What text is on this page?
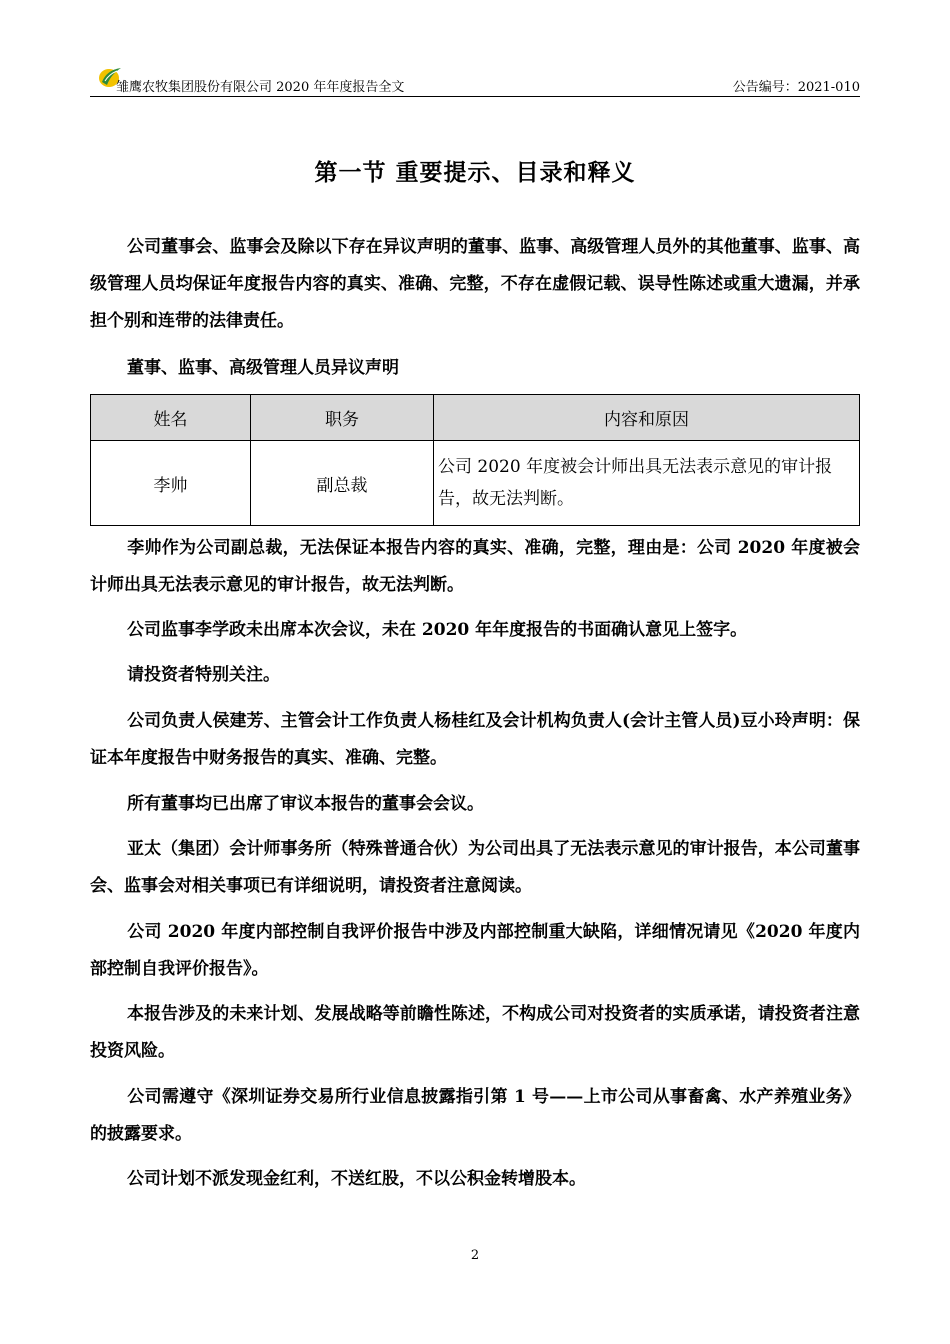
雏鹰农牧集团股份有限公司 2020 年年度报告全文	公告编号：2021-010
第一节 重要提示、目录和释义
公司董事会、监事会及除以下存在异议声明的董事、监事、高级管理人员外的其他董事、监事、高级管理人员均保证年度报告内容的真实、准确、完整，不存在虚假记载、误导性陈述或重大遗漏，并承担个别和连带的法律责任。
董事、监事、高级管理人员异议声明
姓名	职务	内容和原因
李帅	副总裁	公司 2020 年度被会计师出具无法表示意见的审计报告，故无法判断。
李帅作为公司副总裁，无法保证本报告内容的真实、准确，完整，理由是：公司 2020 年度被会计师出具无法表示意见的审计报告，故无法判断。
公司监事李学政未出席本次会议，未在 2020 年年度报告的书面确认意见上签字。
请投资者特别关注。
公司负责人侯建芳、主管会计工作负责人杨桂红及会计机构负责人(会计主管人员)豆小玲声明：保证本年度报告中财务报告的真实、准确、完整。
所有董事均已出席了审议本报告的董事会会议。
亚太（集团）会计师事务所（特殊普通合伙）为公司出具了无法表示意见的审计报告，本公司董事会、监事会对相关事项已有详细说明，请投资者注意阅读。
公司 2020 年度内部控制自我评价报告中涉及内部控制重大缺陷，详细情况请见《2020 年度内部控制自我评价报告》。
本报告涉及的未来计划、发展战略等前瞻性陈述，不构成公司对投资者的实质承诺，请投资者注意投资风险。
公司需遵守《深圳证券交易所行业信息披露指引第 1 号——上市公司从事畜禽、水产养殖业务》的披露要求。
公司计划不派发现金红利，不送红股，不以公积金转增股本。
2
